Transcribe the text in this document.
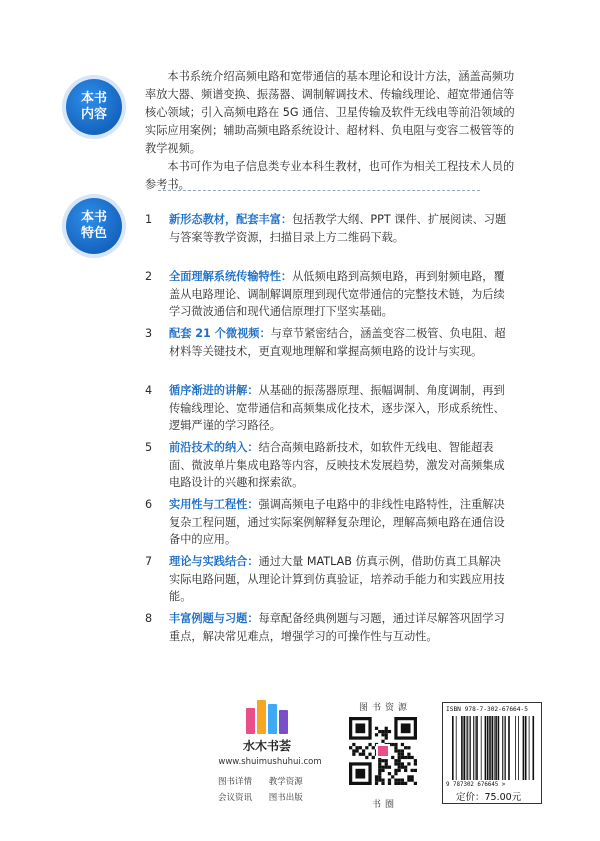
本书
内容

本书系统介绍高频电路和宽带通信的基本理论和设计方法，涵盖高频功率放大器、频谱变换、振荡器、调制解调技术、传输线理论、超宽带通信等核心领域；引入高频电路在 5G 通信、卫星传输及软件无线电等前沿领域的实际应用案例；辅助高频电路系统设计、超材料、负电阻与变容二极管等的教学视频。

本书可作为电子信息类专业本科生教材，也可作为相关工程技术人员的参考书。

本书
特色
1	新形态教材，配套丰富：包括教学大纲、PPT 课件、扩展阅读、习题与答案等教学资源，扫描目录上方二维码下载。
2	全面理解系统传输特性：从低频电路到高频电路，再到射频电路，覆盖从电路理论、调制解调原理到现代宽带通信的完整技术链，为后续学习微波通信和现代通信原理打下坚实基础。
3	配套 21 个微视频：与章节紧密结合，涵盖变容二极管、负电阻、超材料等关键技术，更直观地理解和掌握高频电路的设计与实现。
4	循序渐进的讲解：从基础的振荡器原理、振幅调制、角度调制，再到传输线理论、宽带通信和高频集成化技术，逐步深入，形成系统性、逻辑严谨的学习路径。
5	前沿技术的纳入：结合高频电路新技术，如软件无线电、智能超表面、微波单片集成电路等内容，反映技术发展趋势，激发对高频集成电路设计的兴趣和探索欲。
6	实用性与工程性：强调高频电子电路中的非线性电路特性，注重解决复杂工程问题，通过实际案例解释复杂理论，理解高频电路在通信设备中的应用。
7	理论与实践结合：通过大量 MATLAB 仿真示例，借助仿真工具解决实际电路问题，从理论计算到仿真验证，培养动手能力和实践应用技能。
8	丰富例题与习题：每章配备经典例题与习题，通过详尽解答巩固学习重点，解决常见难点，增强学习的可操作性与互动性。
水木书荟
www.shuimushuhui.com
图书详情 教学资源
会议资讯 图书出版
图书资源
书圈
ISBN 978-7-302-67664-5
9 787302 676645 >
定价：75.00元
